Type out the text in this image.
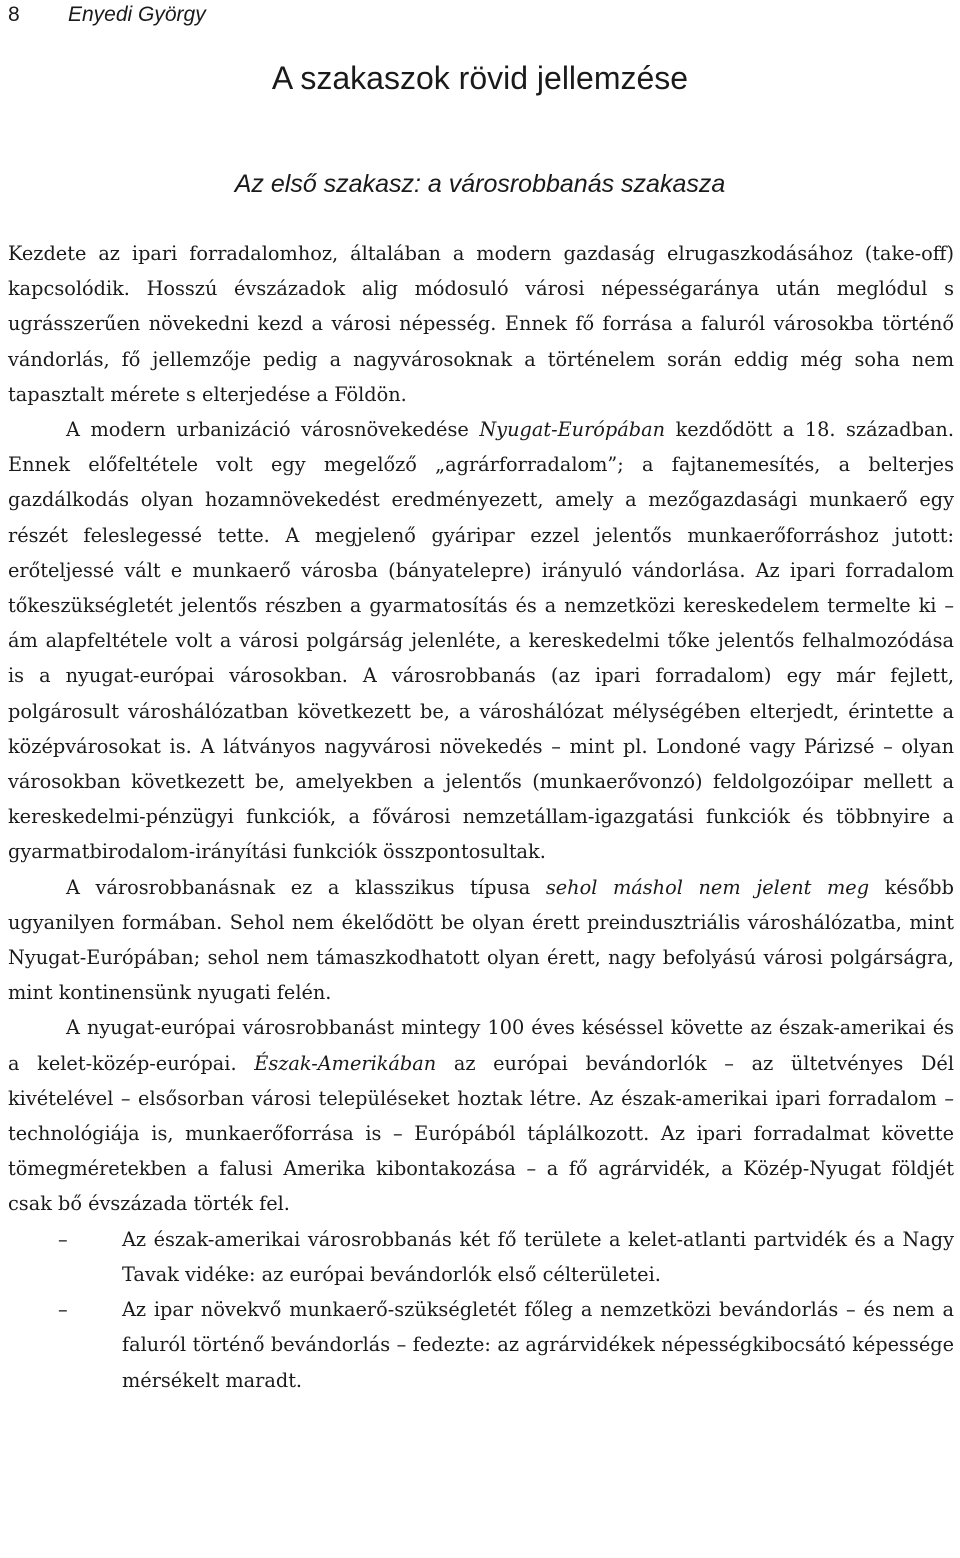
8 Enyedi György
A szakaszok rövid jellemzése
Az első szakasz: a városrobbanás szakasza

Kezdete az ipari forradalomhoz, általában a modern gazdaság elrugaszkodásához (take-off) kapcsolódik. Hosszú évszázadok alig módosuló városi népességaránya után meglódul s ugrásszerűen növekedni kezd a városi népesség. Ennek fő forrása a faluról városokba történő vándorlás, fő jellemzője pedig a nagyvárosoknak a történelem során eddig még soha nem tapasztalt mérete s elterjedése a Földön.

A modern urbanizáció városnövekedése Nyugat-Európában kezdődött a 18. században. Ennek előfeltétele volt egy megelőző „agrárforradalom”; a fajtanemesítés, a belterjes gazdálkodás olyan hozamnövekedést eredményezett, amely a mezőgazdasági munkaerő egy részét feleslegessé tette. A megjelenő gyáripar ezzel jelentős munkaerőforráshoz jutott: erőteljessé vált e munkaerő városba (bányatelepre) irányuló vándorlása. Az ipari forradalom tőkeszükségletét jelentős részben a gyarmatosítás és a nemzetközi kereskedelem termelte ki – ám alapfeltétele volt a városi polgárság jelenléte, a kereskedelmi tőke jelentős felhalmozódása is a nyugat-európai városokban. A városrobbanás (az ipari forradalom) egy már fejlett, polgárosult városhálózatban következett be, a városhálózat mélységében elterjedt, érintette a középvárosokat is. A látványos nagyvárosi növekedés – mint pl. Londoné vagy Párizsé – olyan városokban következett be, amelyekben a jelentős (munkaerővonzó) feldolgozóipar mellett a kereskedelmi-pénzügyi funkciók, a fővárosi nemzetállam-igazgatási funkciók és többnyire a gyarmatbirodalom-irányítási funkciók összpontosultak.

A városrobbanásnak ez a klasszikus típusa sehol máshol nem jelent meg később ugyanilyen formában. Sehol nem ékelődött be olyan érett preindusztriális városhálózatba, mint Nyugat-Európában; sehol nem támaszkodhatott olyan érett, nagy befolyású városi polgárságra, mint kontinensünk nyugati felén.

A nyugat-európai városrobbanást mintegy 100 éves késéssel követte az észak-amerikai és a kelet-közép-európai. Észak-Amerikában az európai bevándorlók – az ültetvényes Dél kivételével – elsősorban városi településeket hoztak létre. Az észak-amerikai ipari forradalom – technológiája is, munkaerőforrása is – Európából táplálkozott. Az ipari forradalmat követte tömegméretekben a falusi Amerika kibontakozása – a fő agrárvidék, a Közép-Nyugat földjét csak bő évszázada törték fel.

–	Az észak-amerikai városrobbanás két fő területe a kelet-atlanti partvidék és a Nagy Tavak vidéke: az európai bevándorlók első célterületei.
–	Az ipar növekvő munkaerő-szükségletét főleg a nemzetközi bevándorlás – és nem a faluról történő bevándorlás – fedezte: az agrárvidékek népességkibocsátó képessége mérsékelt maradt.
